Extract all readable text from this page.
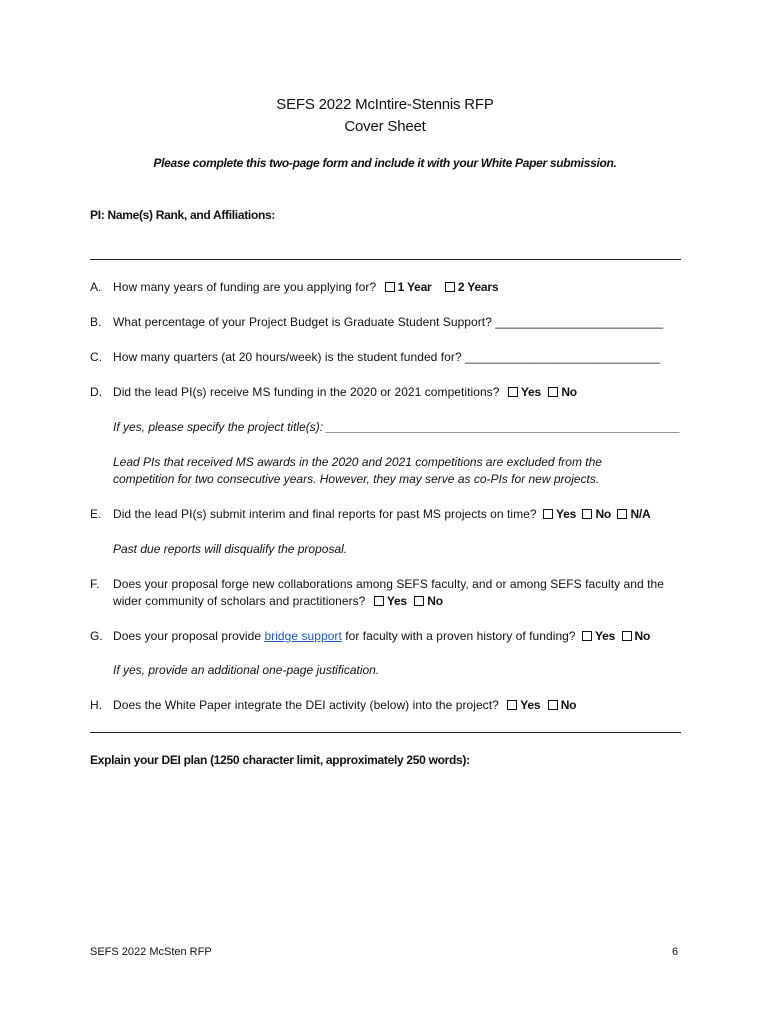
SEFS 2022 McIntire-Stennis RFP
Cover Sheet
Please complete this two-page form and include it with your White Paper submission.
PI: Name(s) Rank, and Affiliations:
A. How many years of funding are you applying for? 1 Year 2 Years
B. What percentage of your Project Budget is Graduate Student Support? _________________________
C. How many quarters (at 20 hours/week) is the student funded for? _____________________________
D. Did the lead PI(s) receive MS funding in the 2020 or 2021 competitions? Yes No
If yes, please specify the project title(s): _____________________________________________________
Lead PIs that received MS awards in the 2020 and 2021 competitions are excluded from the
competition for two consecutive years. However, they may serve as co-PIs for new projects.
E. Did the lead PI(s) submit interim and final reports for past MS projects on time? Yes No N/A
Past due reports will disqualify the proposal.
F. Does your proposal forge new collaborations among SEFS faculty, and or among SEFS faculty and the
wider community of scholars and practitioners? Yes No
G. Does your proposal provide bridge support for faculty with a proven history of funding? Yes No
If yes, provide an additional one-page justification.
H. Does the White Paper integrate the DEI activity (below) into the project? Yes No
Explain your DEI plan (1250 character limit, approximately 250 words):
SEFS 2022 McSten RFP	6
